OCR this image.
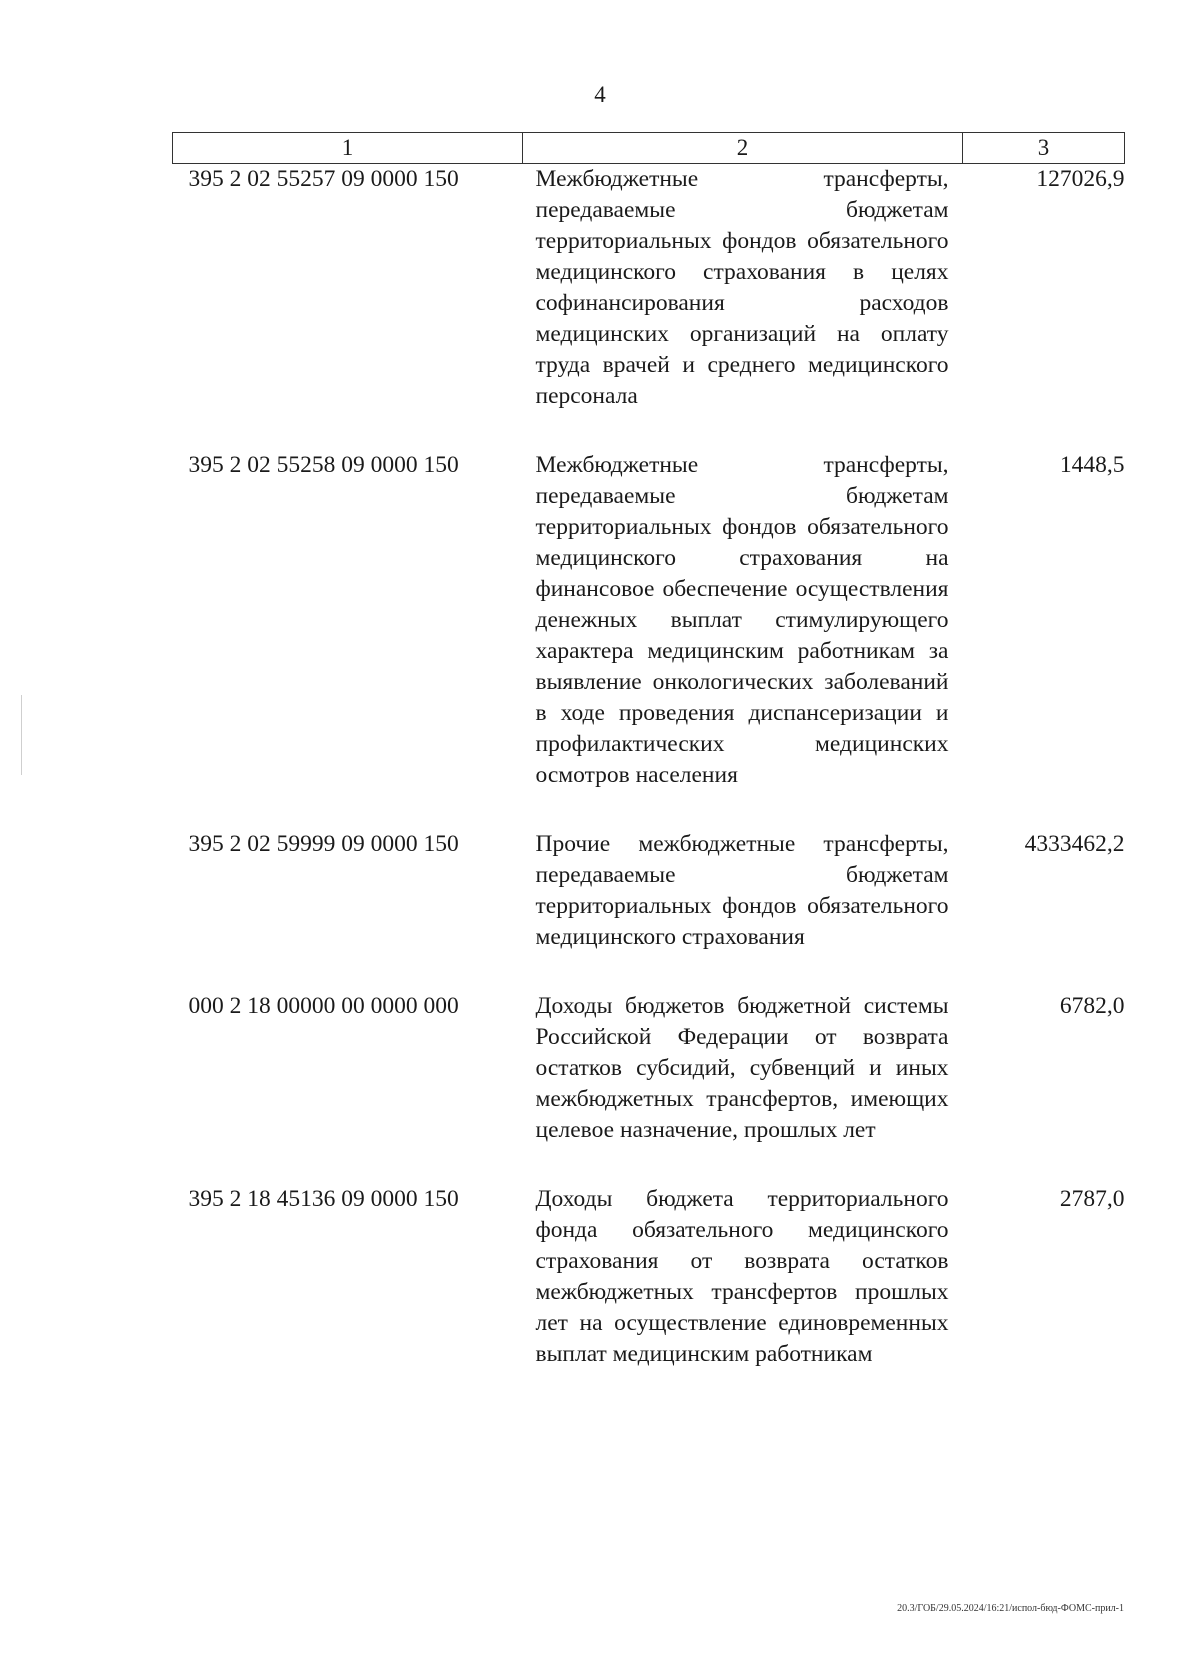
4
1	2	3
395 2 02 55257 09 0000 150	Межбюджетные трансферты, передаваемые бюджетам территориальных фондов обязательного медицинского страхования в целях софинансирования расходов медицинских организаций на оплату труда врачей и среднего медицинского персонала	127026,9
395 2 02 55258 09 0000 150	Межбюджетные трансферты, передаваемые бюджетам территориальных фондов обязательного медицинского страхования на финансовое обеспечение осуществления денежных выплат стимулирующего характера медицинским работникам за выявление онкологических заболеваний в ходе проведения диспансеризации и профилактических медицинских осмотров населения	1448,5
395 2 02 59999 09 0000 150	Прочие межбюджетные трансферты, передаваемые бюджетам территориальных фондов обязательного медицинского страхования	4333462,2
000 2 18 00000 00 0000 000	Доходы бюджетов бюджетной системы Российской Федерации от возврата остатков субсидий, субвенций и иных межбюджетных трансфертов, имеющих целевое назначение, прошлых лет	6782,0
395 2 18 45136 09 0000 150	Доходы бюджета территориального фонда обязательного медицинского страхования от возврата остатков межбюджетных трансфертов прошлых лет на осуществление единовременных выплат медицинским работникам	2787,0
20.3/ГОБ/29.05.2024/16:21/испол-бюд-ФОМС-прил-1
